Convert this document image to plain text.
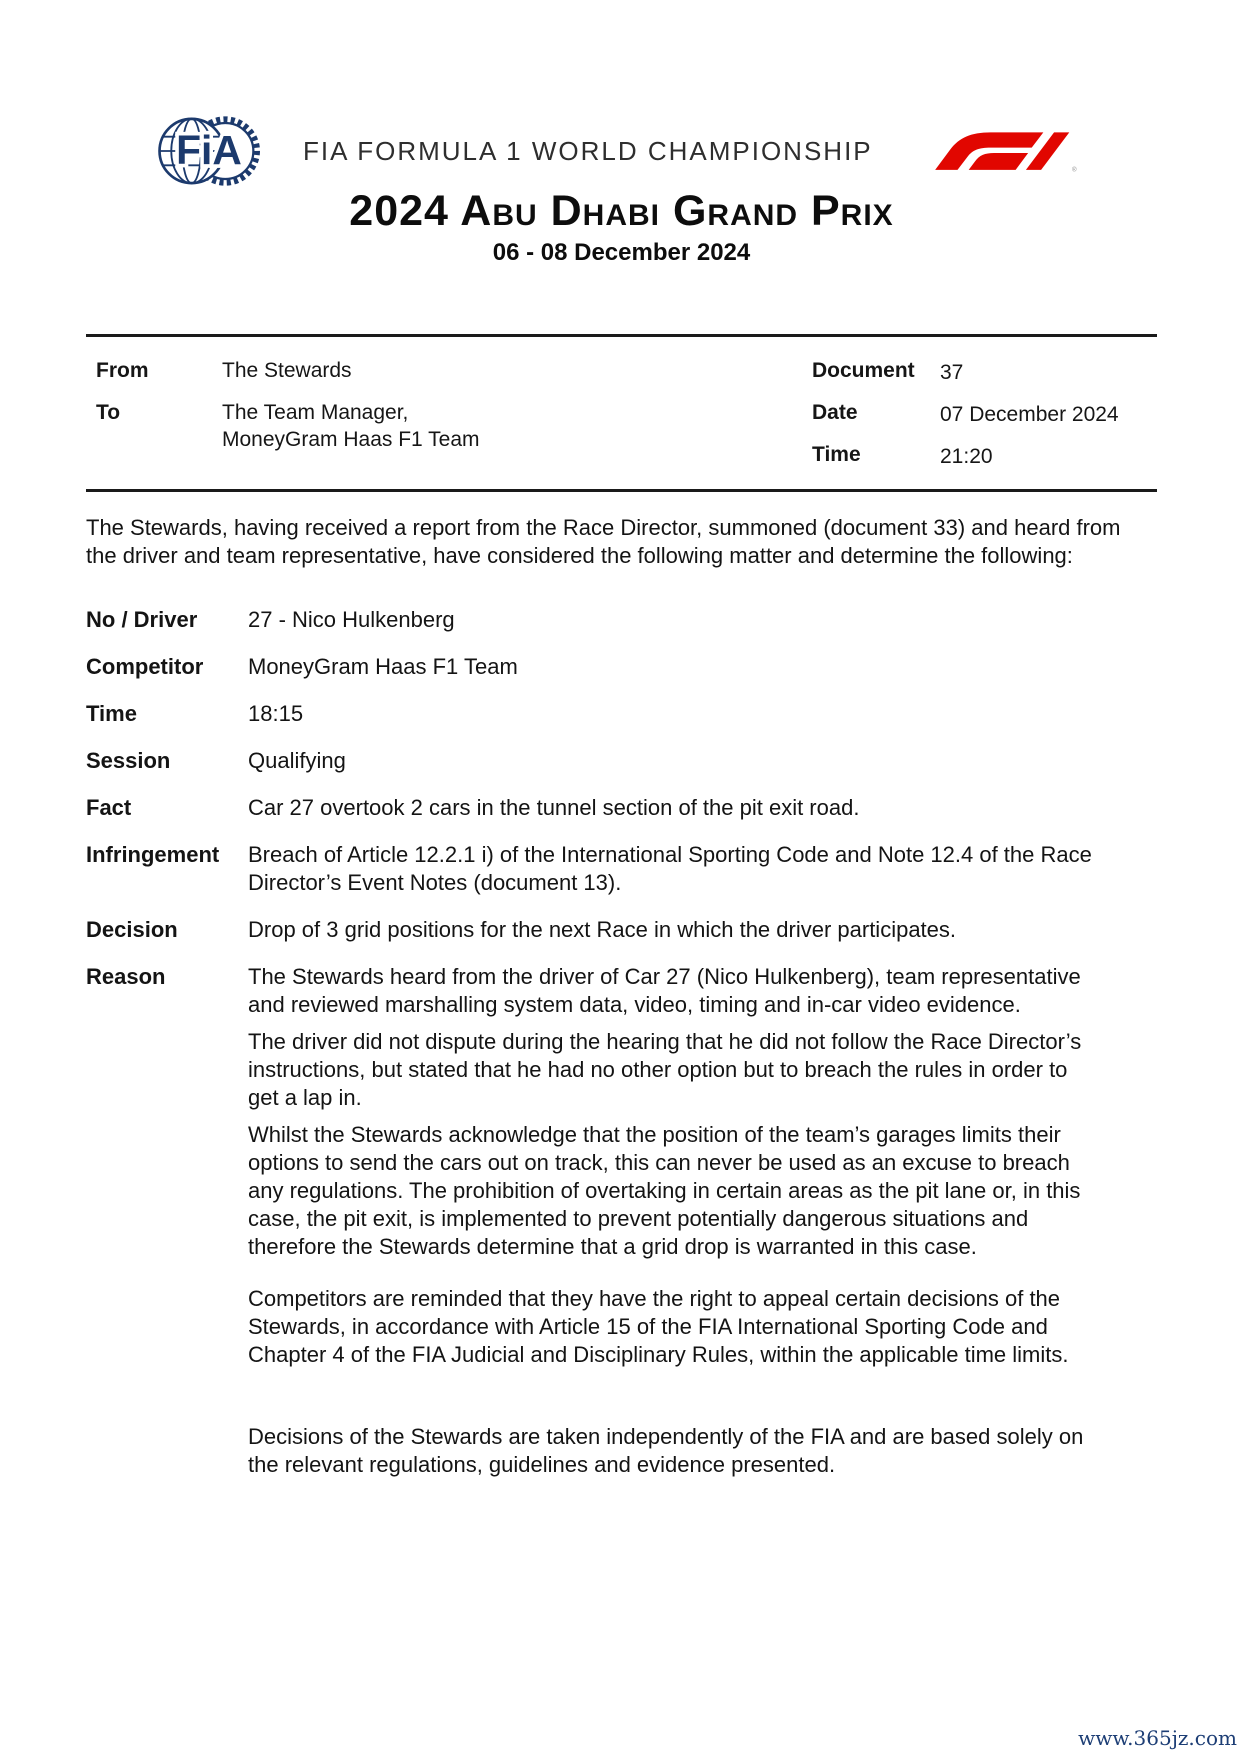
FiA FIA FORMULA 1 WORLD CHAMPIONSHIP
®
2024 Abu Dhabi Grand Prix
06 - 08 December 2024
From	The Stewards
To	The Team Manager,
MoneyGram Haas F1 Team
Document 37
Date	07 December 2024
Time	21:20

The Stewards, having received a report from the Race Director, summoned (document 33) and heard from the driver and team representative, have considered the following matter and determine the following:

No / Driver	27 - Nico Hulkenberg
Competitor	MoneyGram Haas F1 Team
Time	18:15
Session	Qualifying
Fact	Car 27 overtook 2 cars in the tunnel section of the pit exit road.
Infringement	Breach of Article 12.2.1 i) of the International Sporting Code and Note 12.4 of the Race Director’s Event Notes (document 13).
Decision	Drop of 3 grid positions for the next Race in which the driver participates.
Reason	The Stewards heard from the driver of Car 27 (Nico Hulkenberg), team representative and reviewed marshalling system data, video, timing and in-car video evidence.

The driver did not dispute during the hearing that he did not follow the Race Director’s instructions, but stated that he had no other option but to breach the rules in order to get a lap in.

Whilst the Stewards acknowledge that the position of the team’s garages limits their options to send the cars out on track, this can never be used as an excuse to breach any regulations. The prohibition of overtaking in certain areas as the pit lane or, in this case, the pit exit, is implemented to prevent potentially dangerous situations and therefore the Stewards determine that a grid drop is warranted in this case.

Competitors are reminded that they have the right to appeal certain decisions of the Stewards, in accordance with Article 15 of the FIA International Sporting Code and Chapter 4 of the FIA Judicial and Disciplinary Rules, within the applicable time limits.

Decisions of the Stewards are taken independently of the FIA and are based solely on the relevant regulations, guidelines and evidence presented.

www.365jz.com
